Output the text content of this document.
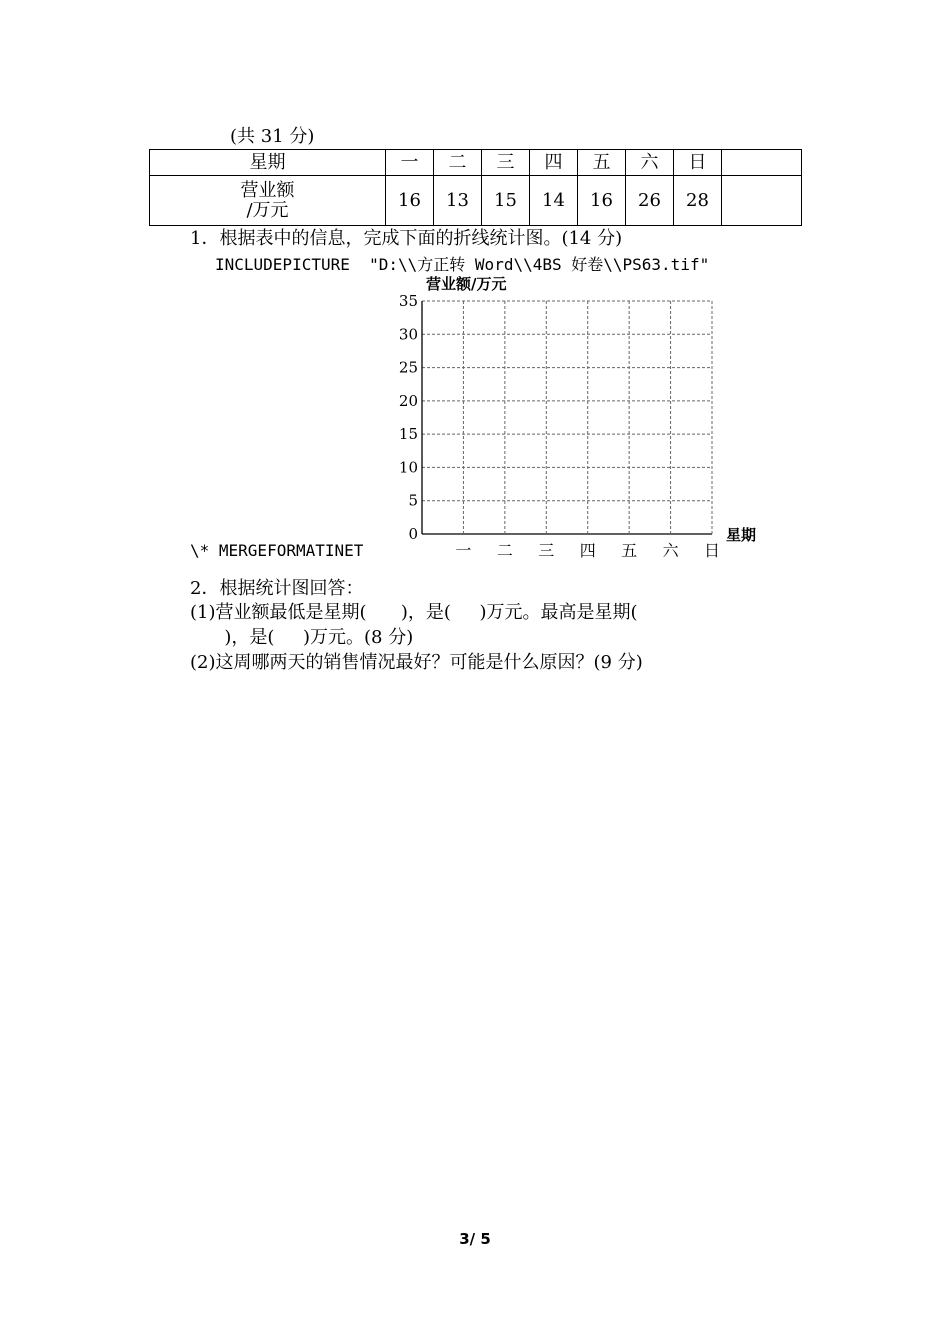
(共 31 分)
星期	一	二	三	四	五	六	日	

营业额
/万元	16	13	15	14	16	26	28	
1．根据表中的信息，完成下面的折线统计图。(14 分)
INCLUDEPICTURE  "D:\\方正转 Word\\4BS 好卷\\PS63.tif"
营业额/万元
星期
0
5
10
15
20
25
30
35
一 二 三 四 五 六 日
\* MERGEFORMATINET
2．根据统计图回答：
(1)营业额最低是星期(      )，是(     )万元。最高是星期(
)，是(     )万元。(8 分)
(2)这周哪两天的销售情况最好？可能是什么原因？(9 分)
3/ 5
